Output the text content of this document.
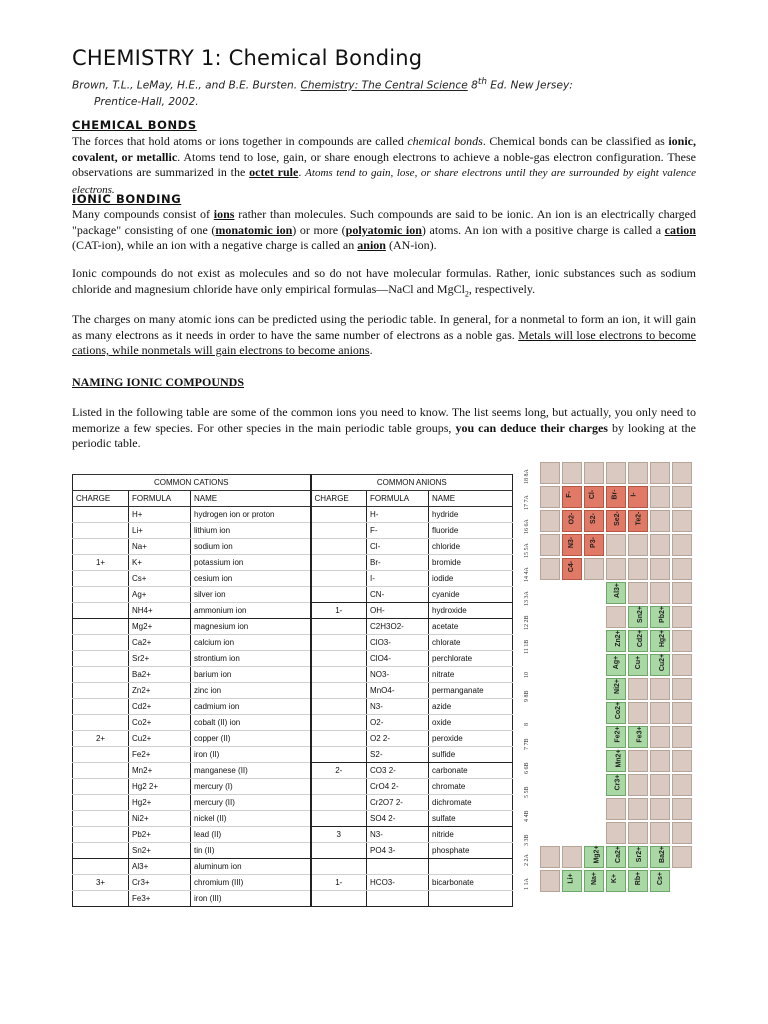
CHEMISTRY 1: Chemical Bonding
Brown, T.L., LeMay, H.E., and B.E. Bursten. Chemistry: The Central Science 8th Ed. New Jersey:
Prentice-Hall, 2002.
CHEMICAL BONDS

The forces that hold atoms or ions together in compounds are called chemical bonds. Chemical bonds can be classified as ionic, covalent, or metallic. Atoms tend to lose, gain, or share enough electrons to achieve a noble-gas electron configuration. These observations are summarized in the octet rule. Atoms tend to gain, lose, or share electrons until they are surrounded by eight valence electrons.

IONIC BONDING

Many compounds consist of ions rather than molecules. Such compounds are said to be ionic. An ion is an electrically charged "package" consisting of one (monatomic ion) or more (polyatomic ion) atoms. An ion with a positive charge is called a cation (CAT-ion), while an ion with a negative charge is called an anion (AN-ion).

Ionic compounds do not exist as molecules and so do not have molecular formulas. Rather, ionic substances such as sodium chloride and magnesium chloride have only empirical formulas—NaCl and MgCl$_2$, respectively.

The charges on many atomic ions can be predicted using the periodic table. In general, for a nonmetal to form an ion, it will gain as many electrons as it needs in order to have the same number of electrons as a noble gas. Metals will lose electrons to become cations, while nonmetals will gain electrons to become anions.

NAMING IONIC COMPOUNDS

Listed in the following table are some of the common ions you need to know. The list seems long, but actually, you only need to memorize a few species. For other species in the main periodic table groups, you can deduce their charges by looking at the periodic table.

COMMON CATIONS			COMMON ANIONS		
CHARGE	FORMULA	NAME	CHARGE	FORMULA	NAME
	H+	hydrogen ion or proton		H-	hydride
	Li+	lithium ion		F-	fluoride
	Na+	sodium ion		Cl-	chloride
1+	K+	potassium ion		Br-	bromide
	Cs+	cesium ion		I-	iodide
	Ag+	silver ion		CN-	cyanide
	NH4+	ammonium ion	1-	OH-	hydroxide
	Mg2+	magnesium ion		C2H3O2-	acetate
	Ca2+	calcium ion		ClO3-	chlorate
	Sr2+	strontium ion		ClO4-	perchlorate
	Ba2+	barium ion		NO3-	nitrate
	Zn2+	zinc ion		MnO4-	permanganate
	Cd2+	cadmium ion		N3-	azide
	Co2+	cobalt (II) ion		O2-	oxide
2+	Cu2+	copper (II)		O2 2-	peroxide
	Fe2+	iron (II)		S2-	sulfide
	Mn2+	manganese (II)	2-	CO3 2-	carbonate
	Hg2 2+	mercury (I)		CrO4 2-	chromate
	Hg2+	mercury (II)		Cr2O7 2-	dichromate
	Ni2+	nickel (II)		SO4 2-	sulfate
	Pb2+	lead (II)	3	N3-	nitride
	Sn2+	tin (II)		PO4 3-	phosphate
	Al3+	aluminum ion			
3+	Cr3+	chromium (III)	1-	HCO3-	bicarbonate
	Fe3+	iron (III)			
F- Cl- Br- I-
O2- S2- Se2- Te2-
N3- P3-
C4-
Al3+
Sn2+ Pb2+
Zn2+ Cd2+ Hg2+
Ag+ Cu+ Cu2+
Ni2+
Co2+
Fe2+ Fe3+
Mn2+
Cr3+
Mg2+ Ca2+ Sr2+ Ba2+
Li+ Na+ K+ Rb+ Cs+
18 8A
17 7A
16 6A
15 5A
14 4A
13 3A
12 2B
11 1B
10
9 8B
8
7 7B
6 6B
5 5B
4 4B
3 3B
2 2A
1 1A
